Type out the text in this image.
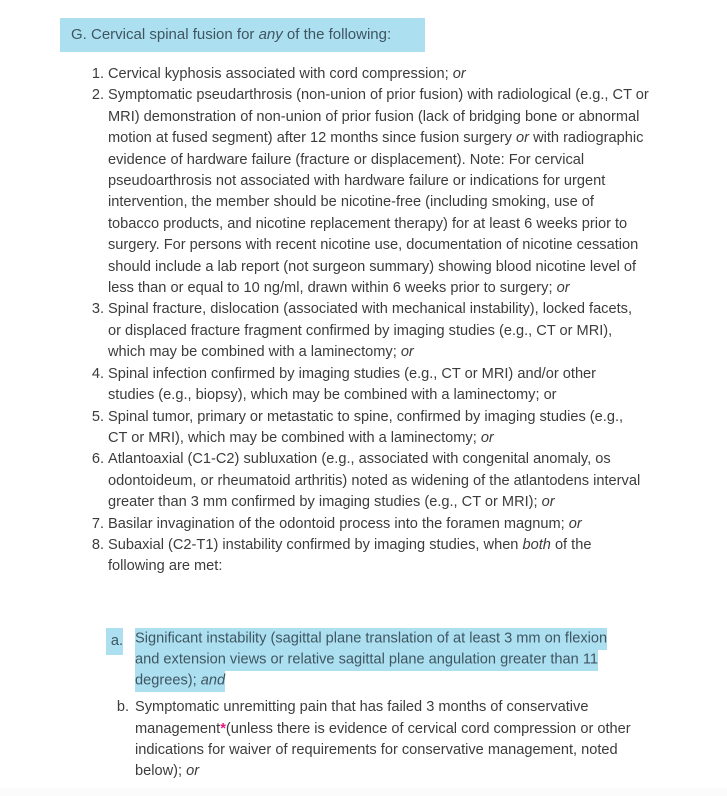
G. Cervical spinal fusion for any of the following:
1. Cervical kyphosis associated with cord compression; or
2. Symptomatic pseudarthrosis (non-union of prior fusion) with radiological (e.g., CT or MRI) demonstration of non-union of prior fusion (lack of bridging bone or abnormal motion at fused segment) after 12 months since fusion surgery or with radiographic evidence of hardware failure (fracture or displacement). Note: For cervical pseudoarthrosis not associated with hardware failure or indications for urgent intervention, the member should be nicotine-free (including smoking, use of tobacco products, and nicotine replacement therapy) for at least 6 weeks prior to surgery. For persons with recent nicotine use, documentation of nicotine cessation should include a lab report (not surgeon summary) showing blood nicotine level of less than or equal to 10 ng/ml, drawn within 6 weeks prior to surgery; or
3. Spinal fracture, dislocation (associated with mechanical instability), locked facets, or displaced fracture fragment confirmed by imaging studies (e.g., CT or MRI), which may be combined with a laminectomy; or
4. Spinal infection confirmed by imaging studies (e.g., CT or MRI) and/or other studies (e.g., biopsy), which may be combined with a laminectomy; or
5. Spinal tumor, primary or metastatic to spine, confirmed by imaging studies (e.g., CT or MRI), which may be combined with a laminectomy; or
6. Atlantoaxial (C1-C2) subluxation (e.g., associated with congenital anomaly, os odontoideum, or rheumatoid arthritis) noted as widening of the atlantodens interval greater than 3 mm confirmed by imaging studies (e.g., CT or MRI); or
7. Basilar invagination of the odontoid process into the foramen magnum; or
8. Subaxial (C2-T1) instability confirmed by imaging studies, when both of the following are met:
a. Significant instability (sagittal plane translation of at least 3 mm on flexion and extension views or relative sagittal plane angulation greater than 11 degrees); and
b. Symptomatic unremitting pain that has failed 3 months of conservative management*(unless there is evidence of cervical cord compression or other indications for waiver of requirements for conservative management, noted below); or
